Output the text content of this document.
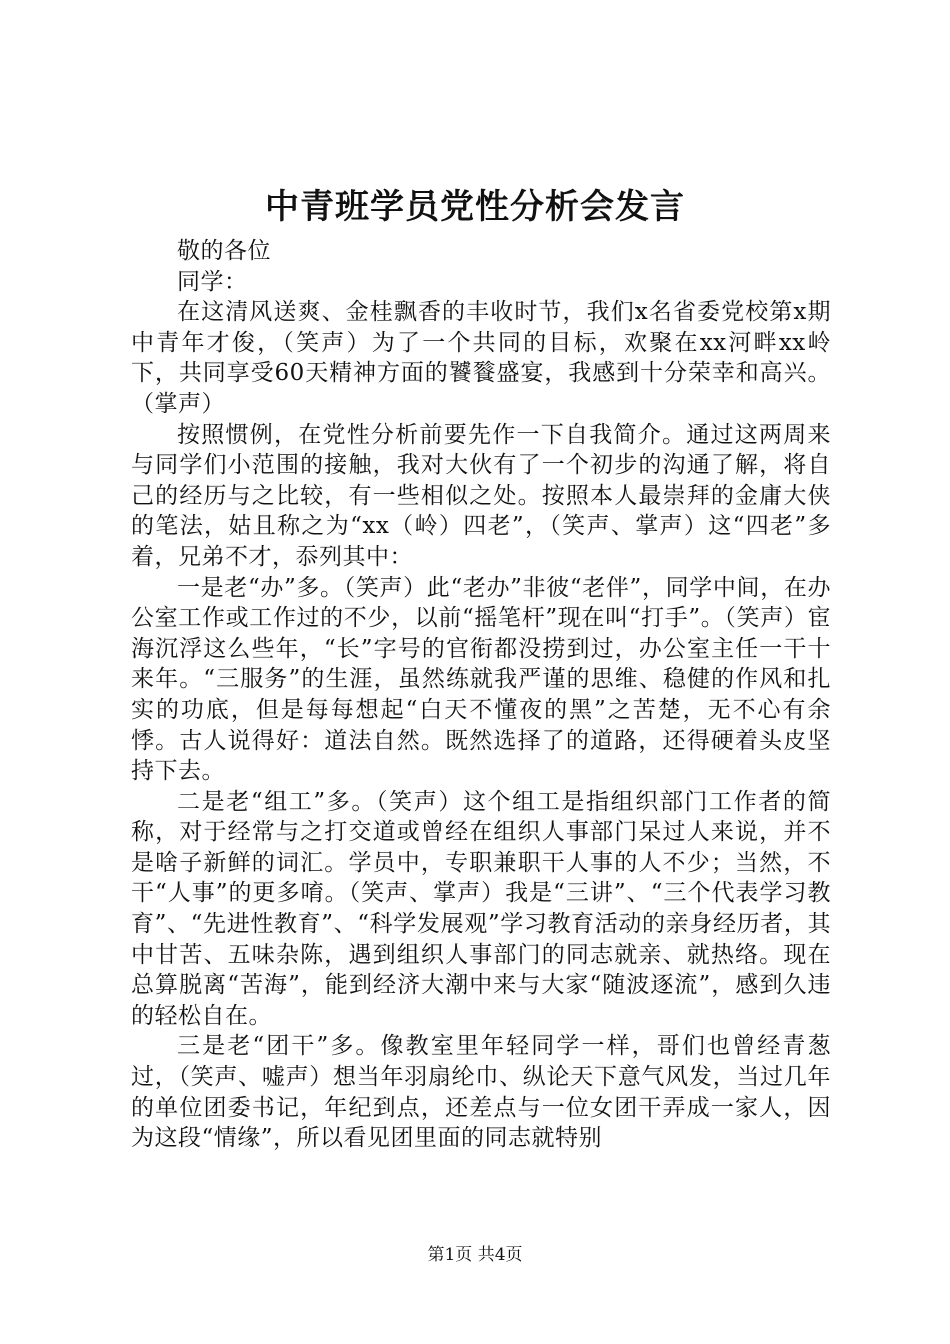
中青班学员党性分析会发言

敬的各位

同学：

在这清风送爽、金桂飘香的丰收时节，我们x名省委党校第x期中青年才俊，（笑声）为了一个共同的目标，欢聚在xx河畔xx岭下，共同享受60天精神方面的饕餮盛宴，我感到十分荣幸和高兴。（掌声）

按照惯例，在党性分析前要先作一下自我简介。通过这两周来与同学们小范围的接触，我对大伙有了一个初步的沟通了解，将自己的经历与之比较，有一些相似之处。按照本人最崇拜的金庸大侠的笔法，姑且称之为“xx（岭）四老”，（笑声、掌声）这“四老”多着，兄弟不才，忝列其中：

一是老“办”多。（笑声）此“老办”非彼“老伴”，同学中间，在办公室工作或工作过的不少，以前“摇笔杆”现在叫“打手”。（笑声）宦海沉浮这么些年，“长”字号的官衔都没捞到过，办公室主任一干十来年。“三服务”的生涯，虽然练就我严谨的思维、稳健的作风和扎实的功底，但是每每想起“白天不懂夜的黑”之苦楚，无不心有余悸。古人说得好：道法自然。既然选择了的道路，还得硬着头皮坚持下去。

二是老“组工”多。（笑声）这个组工是指组织部门工作者的简称，对于经常与之打交道或曾经在组织人事部门呆过人来说，并不是啥子新鲜的词汇。学员中，专职兼职干人事的人不少；当然，不干“人事”的更多唷。（笑声、掌声）我是“三讲”、“三个代表学习教育”、“先进性教育”、“科学发展观”学习教育活动的亲身经历者，其中甘苦、五味杂陈，遇到组织人事部门的同志就亲、就热络。现在总算脱离“苦海”，能到经济大潮中来与大家“随波逐流”，感到久违的轻松自在。

三是老“团干”多。像教室里年轻同学一样，哥们也曾经青葱过，（笑声、嘘声）想当年羽扇纶巾、纵论天下意气风发，当过几年的单位团委书记，年纪到点，还差点与一位女团干弄成一家人，因为这段“情缘”，所以看见团里面的同志就特别

第1页 共4页
